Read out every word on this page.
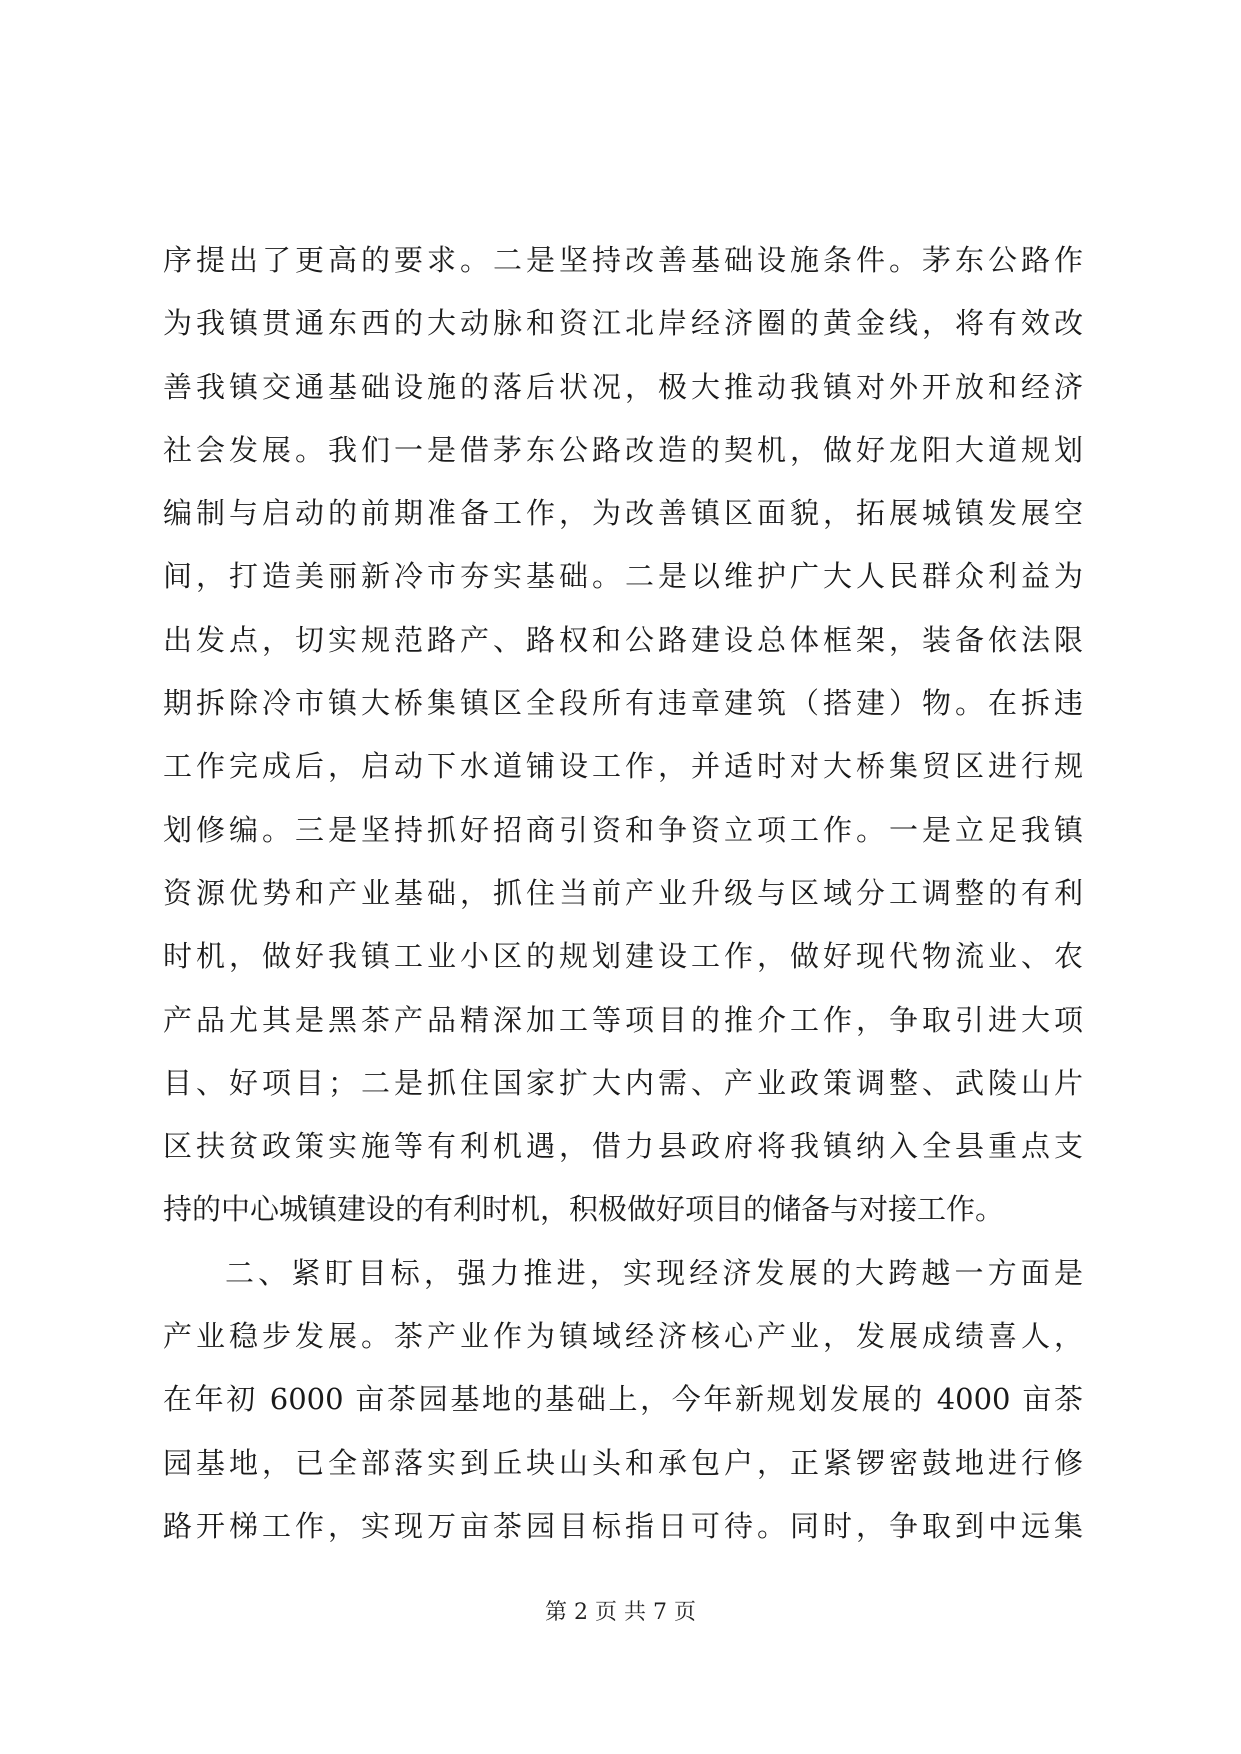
序提出了更高的要求。二是坚持改善基础设施条件。茅东公路作
为我镇贯通东西的大动脉和资江北岸经济圈的黄金线，将有效改
善我镇交通基础设施的落后状况，极大推动我镇对外开放和经济
社会发展。我们一是借茅东公路改造的契机，做好龙阳大道规划
编制与启动的前期准备工作，为改善镇区面貌，拓展城镇发展空
间，打造美丽新冷市夯实基础。二是以维护广大人民群众利益为
出发点，切实规范路产、路权和公路建设总体框架，装备依法限
期拆除冷市镇大桥集镇区全段所有违章建筑（搭建）物。在拆违
工作完成后，启动下水道铺设工作，并适时对大桥集贸区进行规
划修编。三是坚持抓好招商引资和争资立项工作。一是立足我镇
资源优势和产业基础，抓住当前产业升级与区域分工调整的有利
时机，做好我镇工业小区的规划建设工作，做好现代物流业、农
产品尤其是黑茶产品精深加工等项目的推介工作，争取引进大项
目、好项目；二是抓住国家扩大内需、产业政策调整、武陵山片
区扶贫政策实施等有利机遇，借力县政府将我镇纳入全县重点支
持的中心城镇建设的有利时机，积极做好项目的储备与对接工作。
二、紧盯目标，强力推进，实现经济发展的大跨越一方面是
产业稳步发展。茶产业作为镇域经济核心产业，发展成绩喜人，
在年初 6000 亩茶园基地的基础上，今年新规划发展的 4000 亩茶
园基地，已全部落实到丘块山头和承包户，正紧锣密鼓地进行修
路开梯工作，实现万亩茶园目标指日可待。同时，争取到中远集
第 2 页 共 7 页
